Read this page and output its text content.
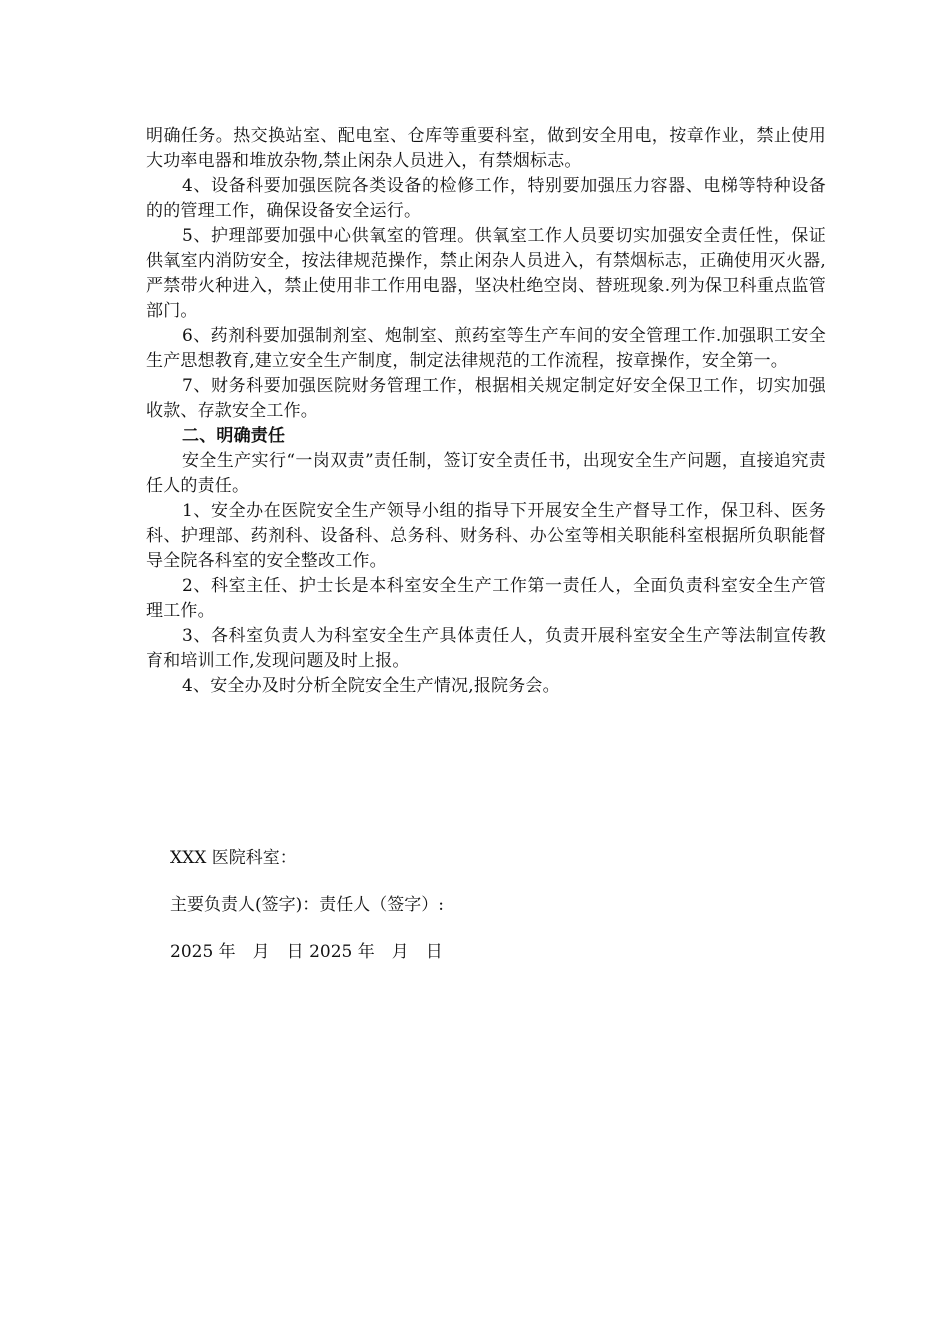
明确任务。热交换站室、配电室、仓库等重要科室，做到安全用电，按章作业，禁止使用大功率电器和堆放杂物,禁止闲杂人员进入，有禁烟标志。

4、设备科要加强医院各类设备的检修工作，特别要加强压力容器、电梯等特种设备的的管理工作，确保设备安全运行。

5、护理部要加强中心供氧室的管理。供氧室工作人员要切实加强安全责任性，保证供氧室内消防安全，按法律规范操作，禁止闲杂人员进入，有禁烟标志，正确使用灭火器,严禁带火种进入，禁止使用非工作用电器，坚决杜绝空岗、替班现象.列为保卫科重点监管部门。

6、药剂科要加强制剂室、炮制室、煎药室等生产车间的安全管理工作.加强职工安全生产思想教育,建立安全生产制度，制定法律规范的工作流程，按章操作，安全第一。

7、财务科要加强医院财务管理工作，根据相关规定制定好安全保卫工作，切实加强收款、存款安全工作。

二、明确责任

安全生产实行“一岗双责”责任制，签订安全责任书，出现安全生产问题，直接追究责任人的责任。

1、安全办在医院安全生产领导小组的指导下开展安全生产督导工作，保卫科、医务科、护理部、药剂科、设备科、总务科、财务科、办公室等相关职能科室根据所负职能督导全院各科室的安全整改工作。

2、科室主任、护士长是本科室安全生产工作第一责任人，全面负责科室安全生产管理工作。

3、各科室负责人为科室安全生产具体责任人，负责开展科室安全生产等法制宣传教育和培训工作,发现问题及时上报。

4、安全办及时分析全院安全生产情况,报院务会。

XXX 医院科室：
主要负责人(签字)：责任人（签字）:
2025 年　月　日 2025 年　月　日
